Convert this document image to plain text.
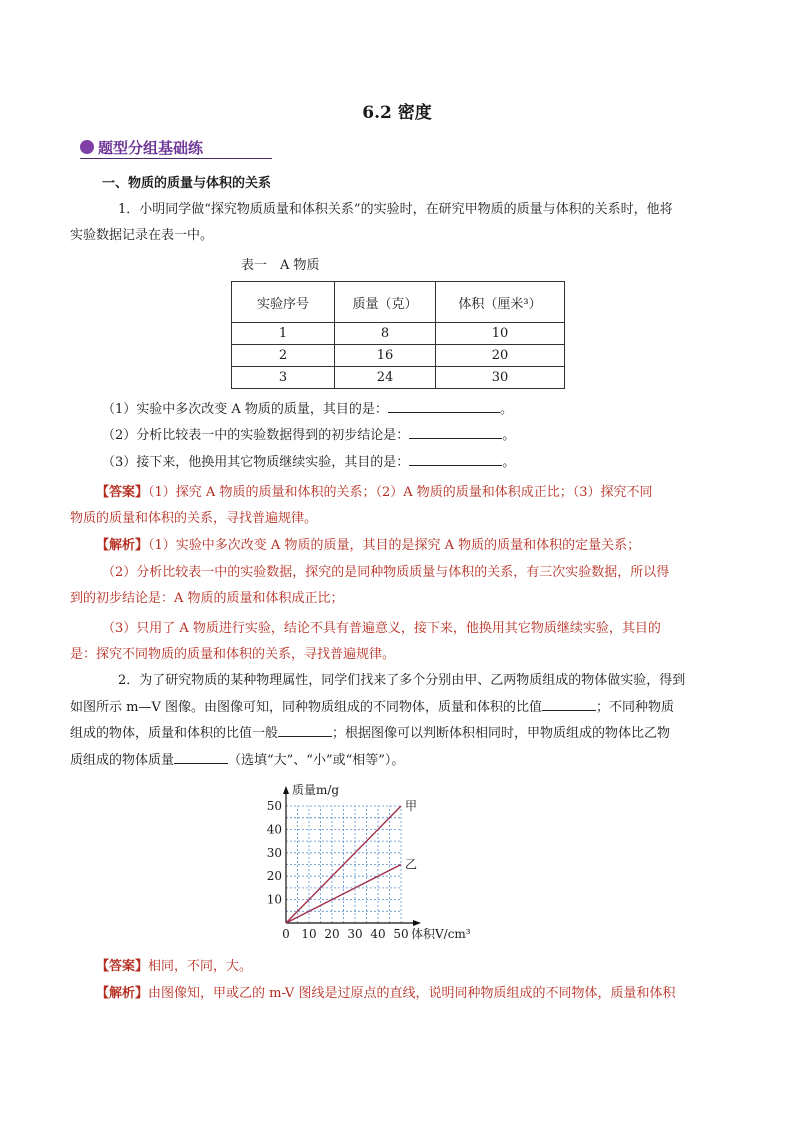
6.2 密度
题型分组基础练
一、物质的质量与体积的关系
1．小明同学做“探究物质质量和体积关系”的实验时，在研究甲物质的质量与体积的关系时，他将
实验数据记录在表一中。
表一　A 物质
实验序号	质量（克）	体积（厘米³）
1	8	10
2	16	20
3	24	30
（1）实验中多次改变 A 物质的质量，其目的是：	。
（2）分析比较表一中的实验数据得到的初步结论是：	。
（3）接下来，他换用其它物质继续实验，其目的是：	。
【答案】（1）探究 A 物质的质量和体积的关系；（2）A 物质的质量和体积成正比；（3）探究不同
物质的质量和体积的关系，寻找普遍规律。
【解析】（1）实验中多次改变 A 物质的质量，其目的是探究 A 物质的质量和体积的定量关系；
（2）分析比较表一中的实验数据，探究的是同种物质质量与体积的关系，有三次实验数据，所以得
到的初步结论是：A 物质的质量和体积成正比；
（3）只用了 A 物质进行实验，结论不具有普遍意义，接下来，他换用其它物质继续实验，其目的
是：探究不同物质的质量和体积的关系，寻找普遍规律。
2．为了研究物质的某种物理属性，同学们找来了多个分别由甲、乙两物质组成的物体做实验，得到
如图所示 m—V 图像。由图像可知，同种物质组成的不同物体，质量和体积的比值	；不同种物质
组成的物体，质量和体积的比值一般	；根据图像可以判断体积相同时，甲物质组成的物体比乙物
质组成的物体质量	（选填“大”、“小”或“相等”）。
0 10 20 30 40 50
10
20
30
40
50	甲
乙
质量m/g
体积V/cm³
【答案】相同，不同，大。
【解析】由图像知，甲或乙的 m-V 图线是过原点的直线，说明同种物质组成的不同物体，质量和体积
